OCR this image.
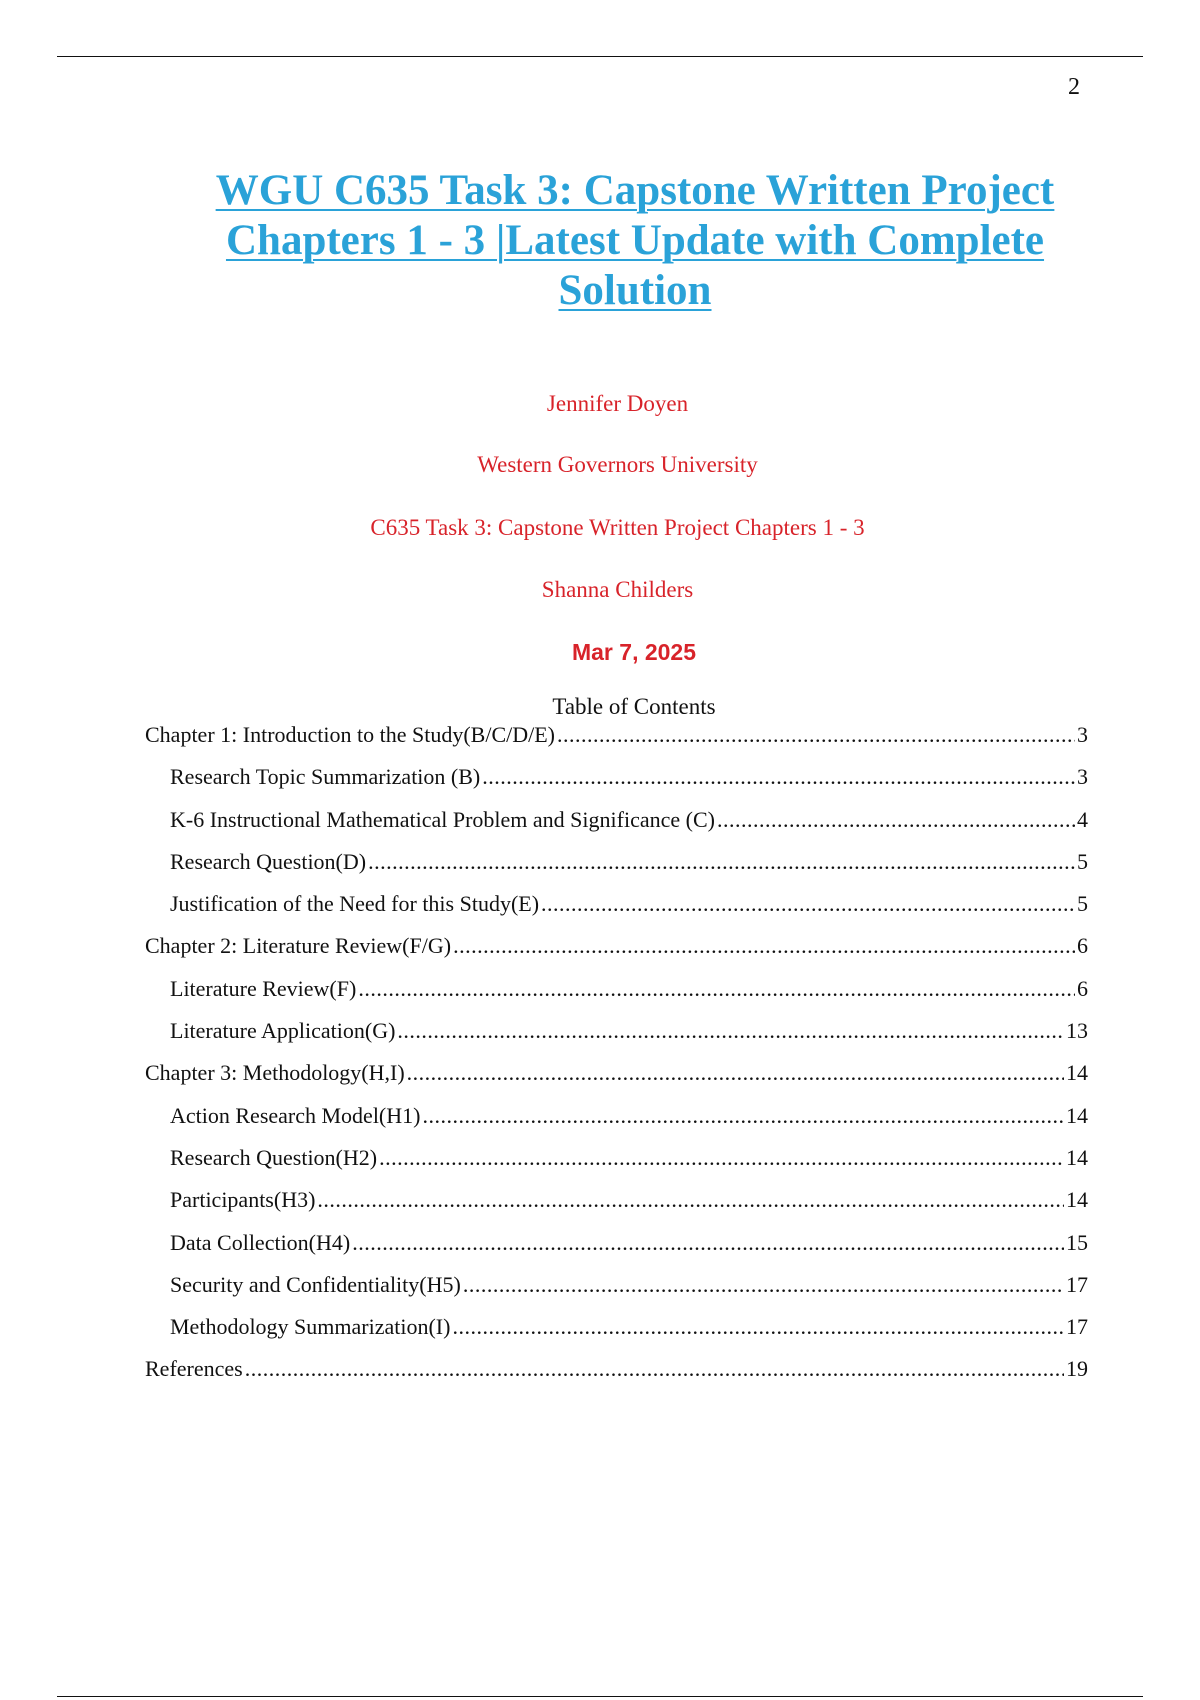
2
WGU C635 Task 3: Capstone Written Project
Chapters 1 - 3 |Latest Update with Complete
Solution
Jennifer Doyen
Western Governors University
C635 Task 3: Capstone Written Project Chapters 1 - 3
Shanna Childers
Mar 7, 2025
Table of Contents
Chapter 1: Introduction to the Study(B/C/D/E) .....	3
Research Topic Summarization (B) .....	3
K-6 Instructional Mathematical Problem and Significance (C) .....	4
Research Question(D) .....	5
Justification of the Need for this Study(E) .....	5
Chapter 2: Literature Review(F/G) .....	6
Literature Review(F) .....	6
Literature Application(G) .....	13
Chapter 3: Methodology(H,I) .....	14
Action Research Model(H1) .....	14
Research Question(H2) .....	14
Participants(H3) .....	14
Data Collection(H4) .....	15
Security and Confidentiality(H5) .....	17
Methodology Summarization(I) .....	17
References .....	19
